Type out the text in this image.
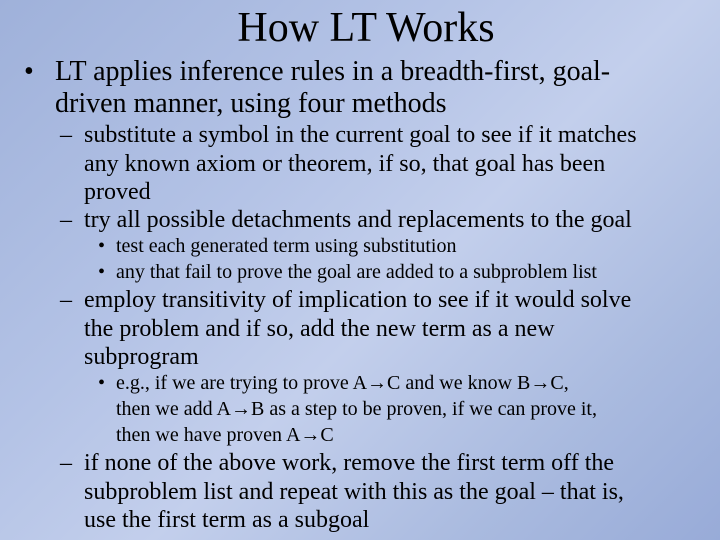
How LT Works
• LT applies inference rules in a breadth-first, goal-
driven manner, using four methods
– substitute a symbol in the current goal to see if it matches
any known axiom or theorem, if so, that goal has been
proved
– try all possible detachments and replacements to the goal
• test each generated term using substitution
• any that fail to prove the goal are added to a subproblem list
– employ transitivity of implication to see if it would solve
the problem and if so, add the new term as a new
subprogram
• e.g., if we are trying to prove A→C and we know B→C,
then we add A→B as a step to be proven, if we can prove it,
then we have proven A→C
– if none of the above work, remove the first term off the
subproblem list and repeat with this as the goal – that is,
use the first term as a subgoal
